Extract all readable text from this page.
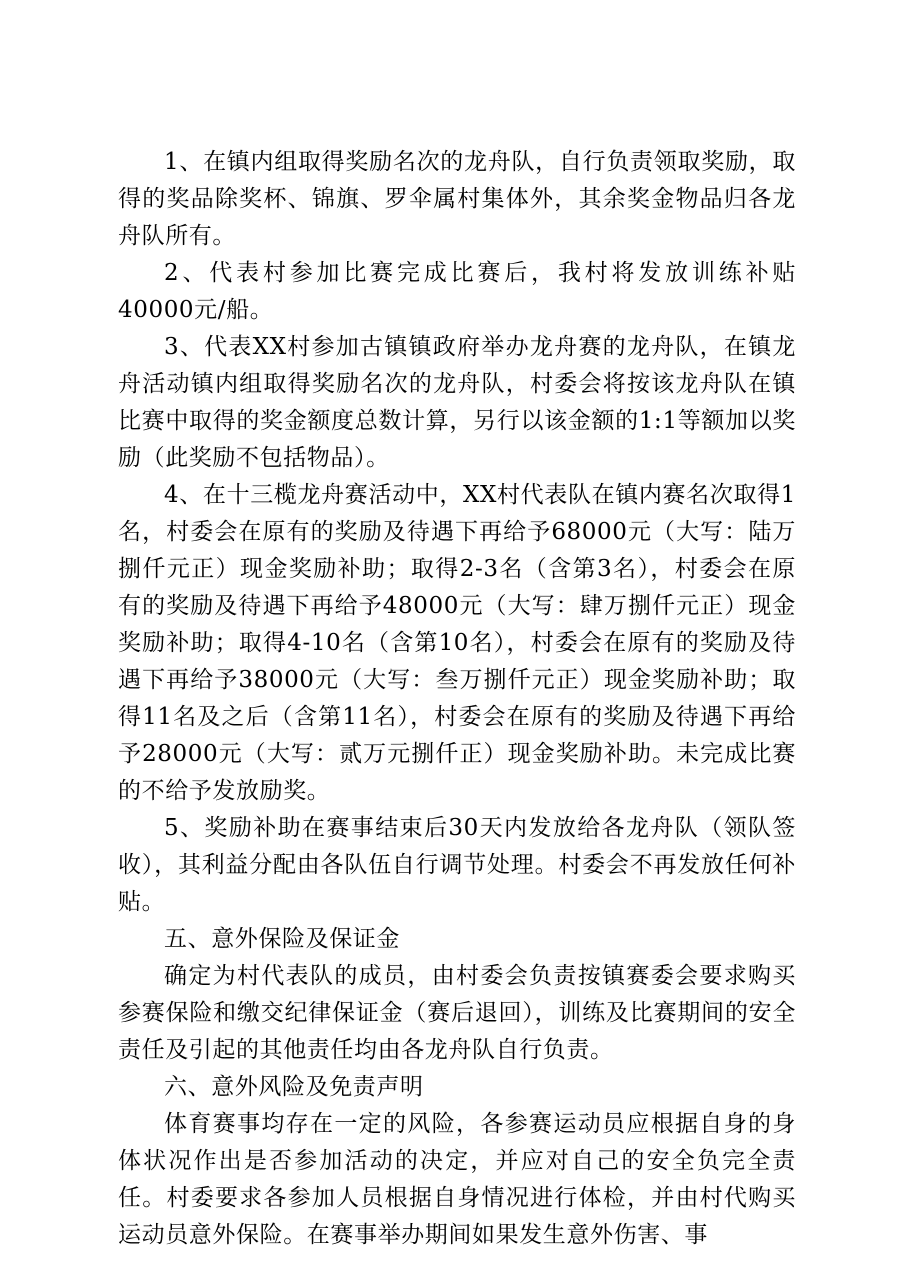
1、在镇内组取得奖励名次的龙舟队，自行负责领取奖励，取得的奖品除奖杯、锦旗、罗伞属村集体外，其余奖金物品归各龙舟队所有。

2、代表村参加比赛完成比赛后，我村将发放训练补贴40000元/船。

3、代表XX村参加古镇镇政府举办龙舟赛的龙舟队，在镇龙舟活动镇内组取得奖励名次的龙舟队，村委会将按该龙舟队在镇比赛中取得的奖金额度总数计算，另行以该金额的1:1等额加以奖励（此奖励不包括物品）。

4、在十三榄龙舟赛活动中，XX村代表队在镇内赛名次取得1名，村委会在原有的奖励及待遇下再给予68000元（大写：陆万捌仟元正）现金奖励补助；取得2-3名（含第3名），村委会在原有的奖励及待遇下再给予48000元（大写：肆万捌仟元正）现金奖励补助；取得4-10名（含第10名），村委会在原有的奖励及待遇下再给予38000元（大写：叁万捌仟元正）现金奖励补助；取得11名及之后（含第11名），村委会在原有的奖励及待遇下再给予28000元（大写：贰万元捌仟正）现金奖励补助。未完成比赛的不给予发放励奖。

5、奖励补助在赛事结束后30天内发放给各龙舟队（领队签收），其利益分配由各队伍自行调节处理。村委会不再发放任何补贴。

五、意外保险及保证金

确定为村代表队的成员，由村委会负责按镇赛委会要求购买参赛保险和缴交纪律保证金（赛后退回），训练及比赛期间的安全责任及引起的其他责任均由各龙舟队自行负责。

六、意外风险及免责声明

体育赛事均存在一定的风险，各参赛运动员应根据自身的身体状况作出是否参加活动的决定，并应对自己的安全负完全责任。村委要求各参加人员根据自身情况进行体检，并由村代购买运动员意外保险。在赛事举办期间如果发生意外伤害、事
